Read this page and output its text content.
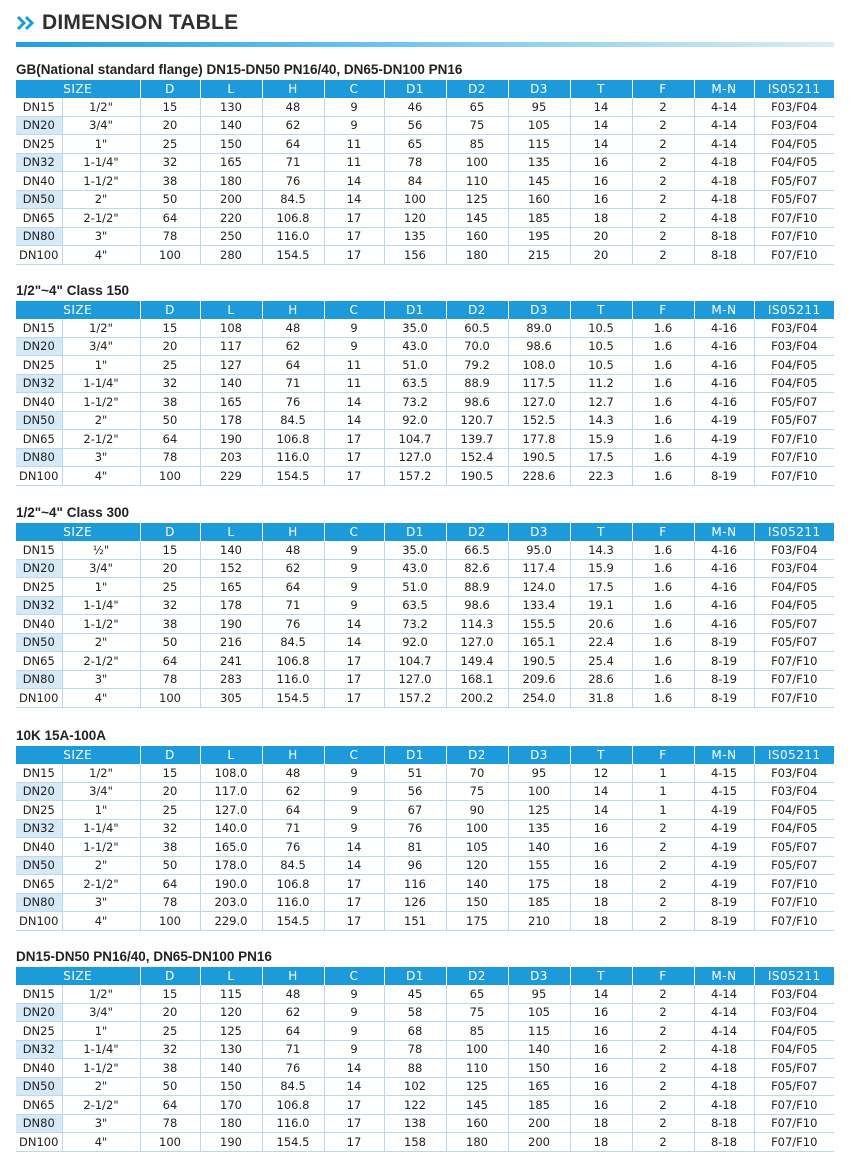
DIMENSION TABLE
GB(National standard flange) DN15-DN50 PN16/40, DN65-DN100 PN16
SIZE		D	L	H	C	D1	D2	D3	T	F	M-N	IS05211
DN15	1/2"	15	130	48	9	46	65	95	14	2	4-14	F03/F04
DN20	3/4"	20	140	62	9	56	75	105	14	2	4-14	F03/F04
DN25	1"	25	150	64	11	65	85	115	14	2	4-14	F04/F05
DN32	1-1/4"	32	165	71	11	78	100	135	16	2	4-18	F04/F05
DN40	1-1/2"	38	180	76	14	84	110	145	16	2	4-18	F05/F07
DN50	2"	50	200	84.5	14	100	125	160	16	2	4-18	F05/F07
DN65	2-1/2"	64	220	106.8	17	120	145	185	18	2	4-18	F07/F10
DN80	3"	78	250	116.0	17	135	160	195	20	2	8-18	F07/F10
DN100	4"	100	280	154.5	17	156	180	215	20	2	8-18	F07/F10
1/2"~4" Class 150
SIZE		D	L	H	C	D1	D2	D3	T	F	M-N	IS05211
DN15	1/2"	15	108	48	9	35.0	60.5	89.0	10.5	1.6	4-16	F03/F04
DN20	3/4"	20	117	62	9	43.0	70.0	98.6	10.5	1.6	4-16	F03/F04
DN25	1"	25	127	64	11	51.0	79.2	108.0	10.5	1.6	4-16	F04/F05
DN32	1-1/4"	32	140	71	11	63.5	88.9	117.5	11.2	1.6	4-16	F04/F05
DN40	1-1/2"	38	165	76	14	73.2	98.6	127.0	12.7	1.6	4-16	F05/F07
DN50	2"	50	178	84.5	14	92.0	120.7	152.5	14.3	1.6	4-19	F05/F07
DN65	2-1/2"	64	190	106.8	17	104.7	139.7	177.8	15.9	1.6	4-19	F07/F10
DN80	3"	78	203	116.0	17	127.0	152.4	190.5	17.5	1.6	4-19	F07/F10
DN100	4"	100	229	154.5	17	157.2	190.5	228.6	22.3	1.6	8-19	F07/F10
1/2"~4" Class 300
SIZE		D	L	H	C	D1	D2	D3	T	F	M-N	IS05211
DN15	½"	15	140	48	9	35.0	66.5	95.0	14.3	1.6	4-16	F03/F04
DN20	3/4"	20	152	62	9	43.0	82.6	117.4	15.9	1.6	4-16	F03/F04
DN25	1"	25	165	64	9	51.0	88.9	124.0	17.5	1.6	4-16	F04/F05
DN32	1-1/4"	32	178	71	9	63.5	98.6	133.4	19.1	1.6	4-16	F04/F05
DN40	1-1/2"	38	190	76	14	73.2	114.3	155.5	20.6	1.6	4-16	F05/F07
DN50	2"	50	216	84.5	14	92.0	127.0	165.1	22.4	1.6	8-19	F05/F07
DN65	2-1/2"	64	241	106.8	17	104.7	149.4	190.5	25.4	1.6	8-19	F07/F10
DN80	3"	78	283	116.0	17	127.0	168.1	209.6	28.6	1.6	8-19	F07/F10
DN100	4"	100	305	154.5	17	157.2	200.2	254.0	31.8	1.6	8-19	F07/F10
10K 15A-100A
SIZE		D	L	H	C	D1	D2	D3	T	F	M-N	IS05211
DN15	1/2"	15	108.0	48	9	51	70	95	12	1	4-15	F03/F04
DN20	3/4"	20	117.0	62	9	56	75	100	14	1	4-15	F03/F04
DN25	1"	25	127.0	64	9	67	90	125	14	1	4-19	F04/F05
DN32	1-1/4"	32	140.0	71	9	76	100	135	16	2	4-19	F04/F05
DN40	1-1/2"	38	165.0	76	14	81	105	140	16	2	4-19	F05/F07
DN50	2"	50	178.0	84.5	14	96	120	155	16	2	4-19	F05/F07
DN65	2-1/2"	64	190.0	106.8	17	116	140	175	18	2	4-19	F07/F10
DN80	3"	78	203.0	116.0	17	126	150	185	18	2	8-19	F07/F10
DN100	4"	100	229.0	154.5	17	151	175	210	18	2	8-19	F07/F10
DN15-DN50 PN16/40, DN65-DN100 PN16
SIZE		D	L	H	C	D1	D2	D3	T	F	M-N	IS05211
DN15	1/2"	15	115	48	9	45	65	95	14	2	4-14	F03/F04
DN20	3/4"	20	120	62	9	58	75	105	16	2	4-14	F03/F04
DN25	1"	25	125	64	9	68	85	115	16	2	4-14	F04/F05
DN32	1-1/4"	32	130	71	9	78	100	140	16	2	4-18	F04/F05
DN40	1-1/2"	38	140	76	14	88	110	150	16	2	4-18	F05/F07
DN50	2"	50	150	84.5	14	102	125	165	16	2	4-18	F05/F07
DN65	2-1/2"	64	170	106.8	17	122	145	185	16	2	4-18	F07/F10
DN80	3"	78	180	116.0	17	138	160	200	18	2	8-18	F07/F10
DN100	4"	100	190	154.5	17	158	180	200	18	2	8-18	F07/F10
